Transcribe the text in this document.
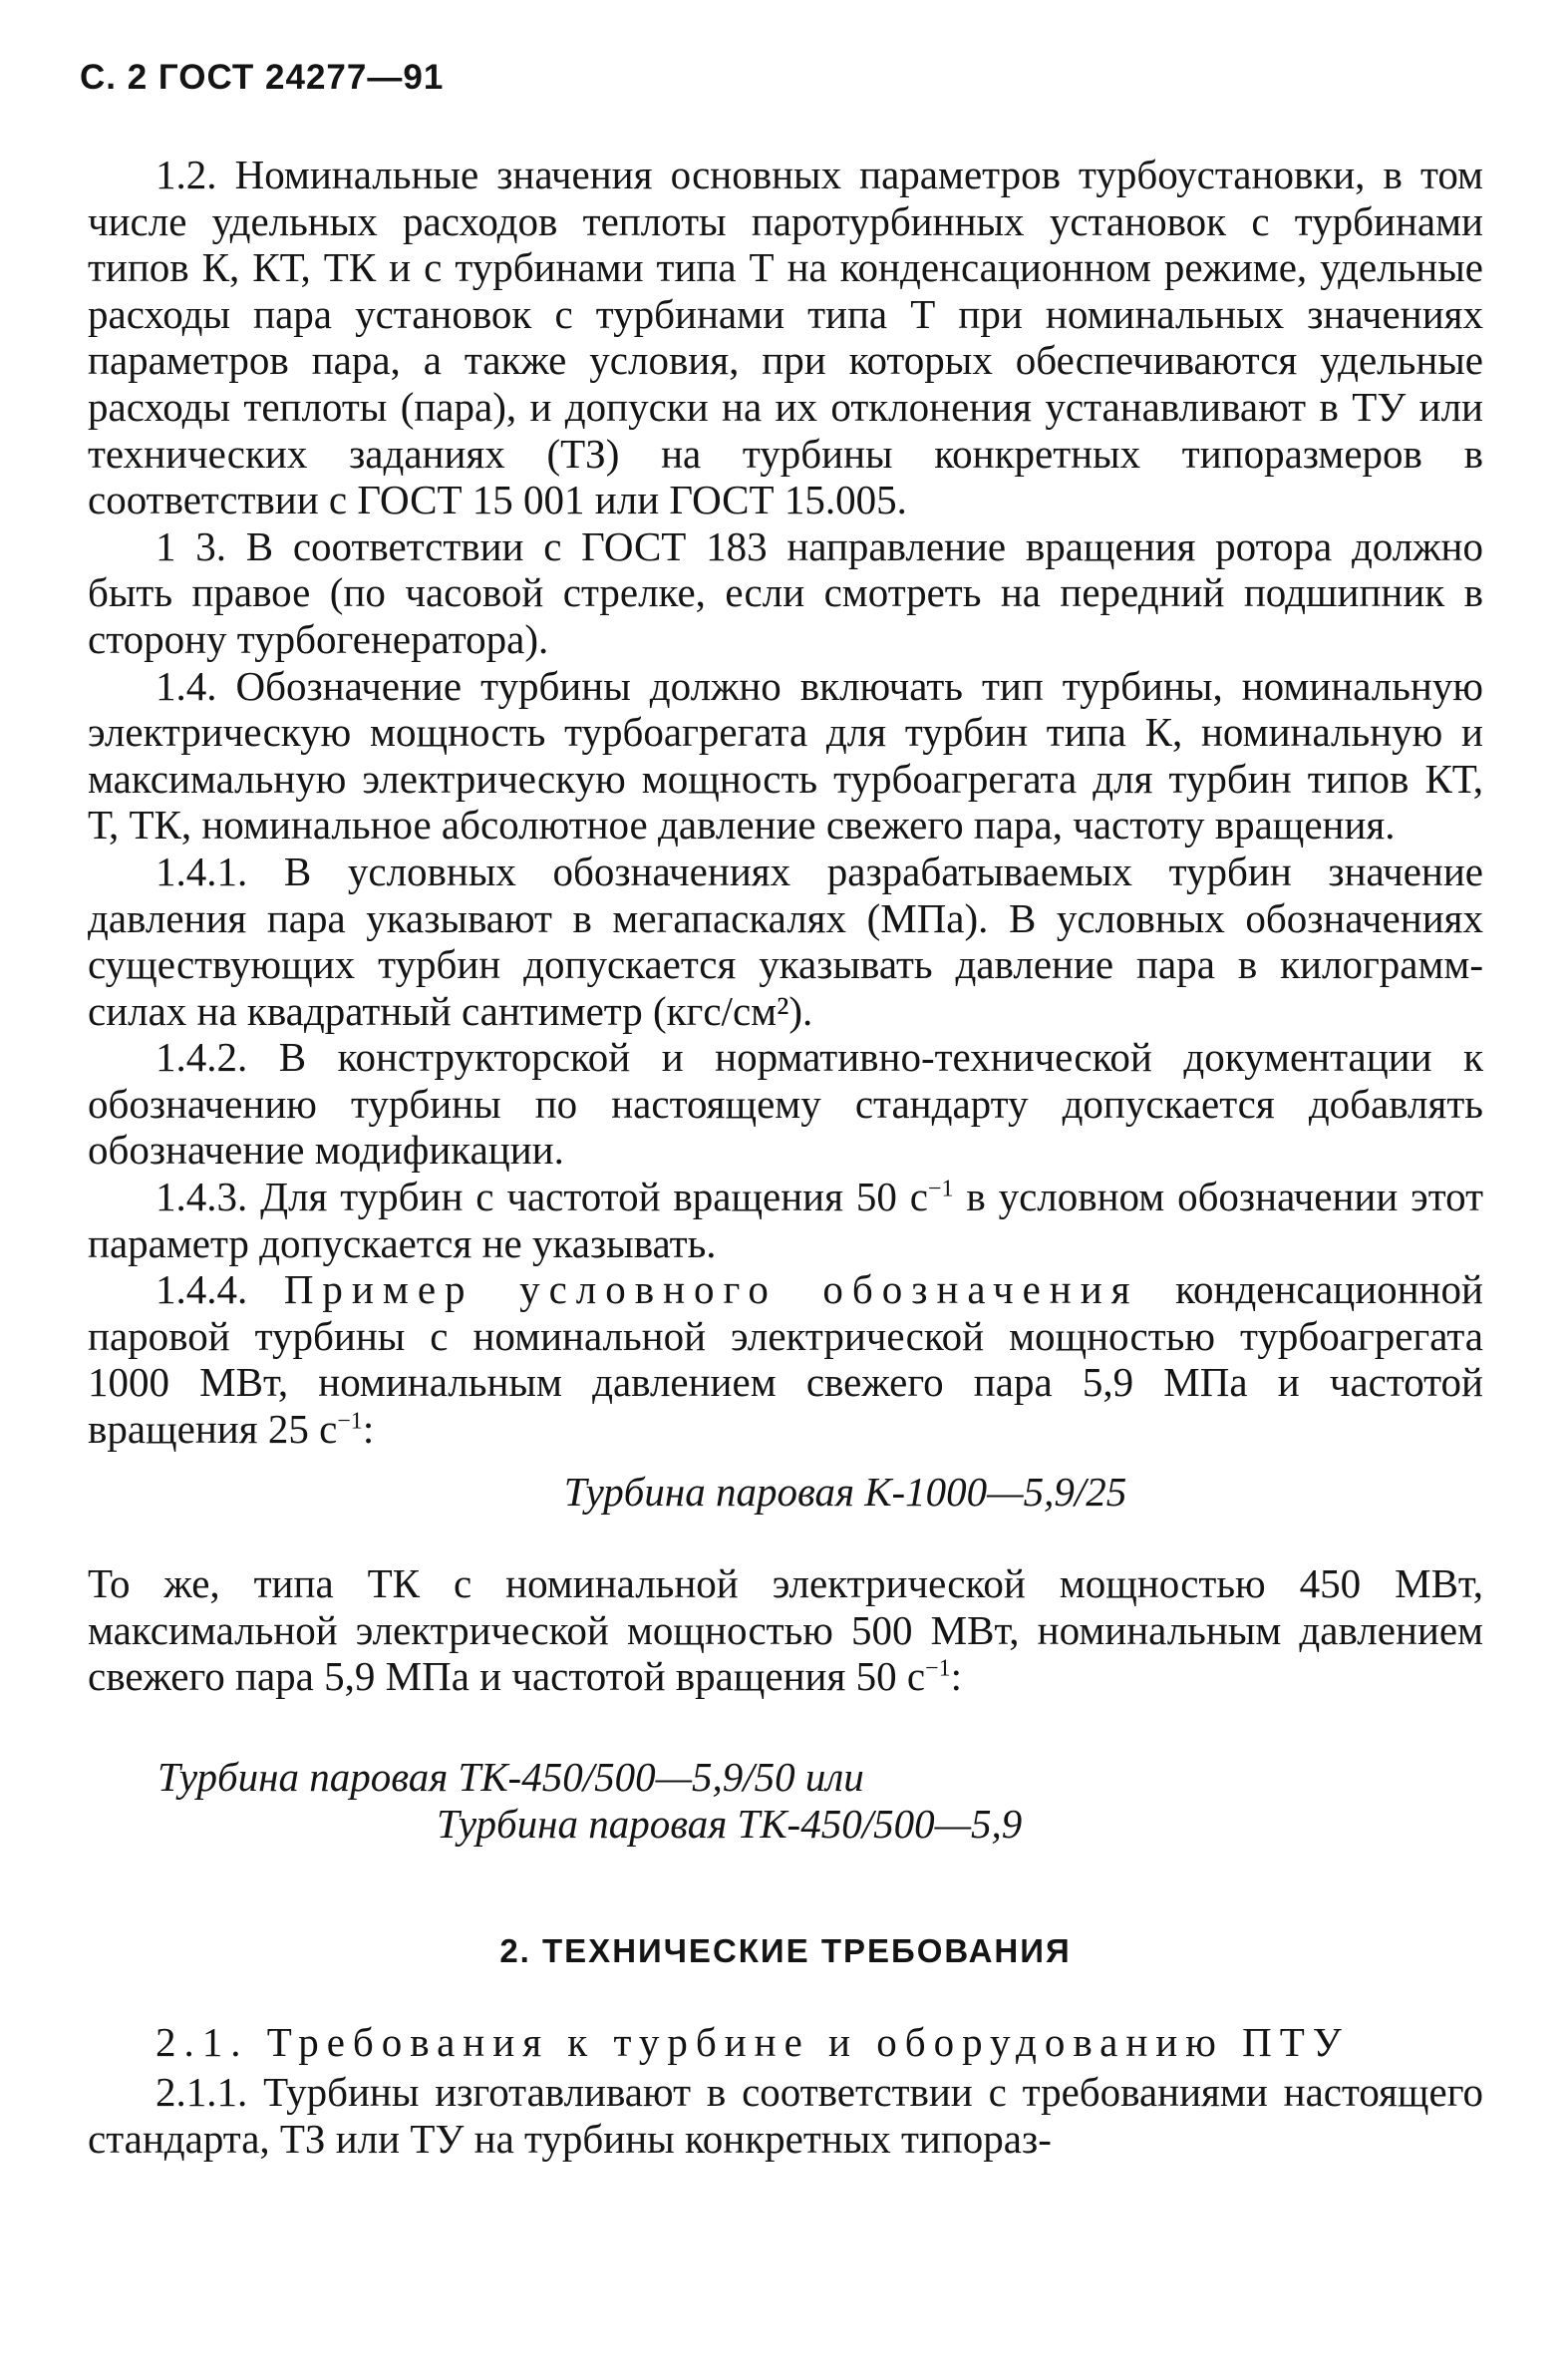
С. 2 ГОСТ 24277—91

1.2. Номинальные значения основных параметров турбоустановки, в том числе удельных расходов теплоты паротурбинных установок с турбинами типов К, КТ, ТК и с турбинами типа Т на конденсационном режиме, удельные расходы пара установок с турбинами типа Т при номинальных значениях параметров пара, а также условия, при которых обеспечиваются удельные расходы теплоты (пара), и допуски на их отклонения устанавливают в ТУ или технических заданиях (ТЗ) на турбины конкретных типоразмеров в соответствии с ГОСТ 15 001 или ГОСТ 15.005.

1 3. В соответствии с ГОСТ 183 направление вращения ротора должно быть правое (по часовой стрелке, если смотреть на передний подшипник в сторону турбогенератора).

1.4. Обозначение турбины должно включать тип турбины, номинальную электрическую мощность турбоагрегата для турбин типа К, номинальную и максимальную электрическую мощность турбоагрегата для турбин типов КТ, Т, ТК, номинальное абсолютное давление свежего пара, частоту вращения.

1.4.1. В условных обозначениях разрабатываемых турбин значение давления пара указывают в мегапаскалях (МПа). В условных обозначениях существующих турбин допускается указывать давление пара в килограмм-силах на квадратный сантиметр (кгс/см²).

1.4.2. В конструкторской и нормативно-технической документации к обозначению турбины по настоящему стандарту допускается добавлять обозначение модификации.

1.4.3. Для турбин с частотой вращения 50 $с^{-1}$ в условном обозначении этот параметр допускается не указывать.

1.4.4. Пример условного обозначения конденсационной паровой турбины с номинальной электрической мощностью турбоагрегата 1000 МВт, номинальным давлением свежего пара 5,9 МПа и частотой вращения 25 $с^{-1}$:

Турбина паровая К-1000—5,9/25

То же, типа ТК с номинальной электрической мощностью 450 МВт, максимальной электрической мощностью 500 МВт, номинальным давлением свежего пара 5,9 МПа и частотой вращения 50 $с^{-1}$:

Турбина паровая ТК-450/500—5,9/50 или
Турбина паровая ТК-450/500—5,9

2. ТЕХНИЧЕСКИЕ ТРЕБОВАНИЯ

2.1. Требования к турбине и оборудованию ПТУ

2.1.1. Турбины изготавливают в соответствии с требованиями настоящего стандарта, ТЗ или ТУ на турбины конкретных типораз-
